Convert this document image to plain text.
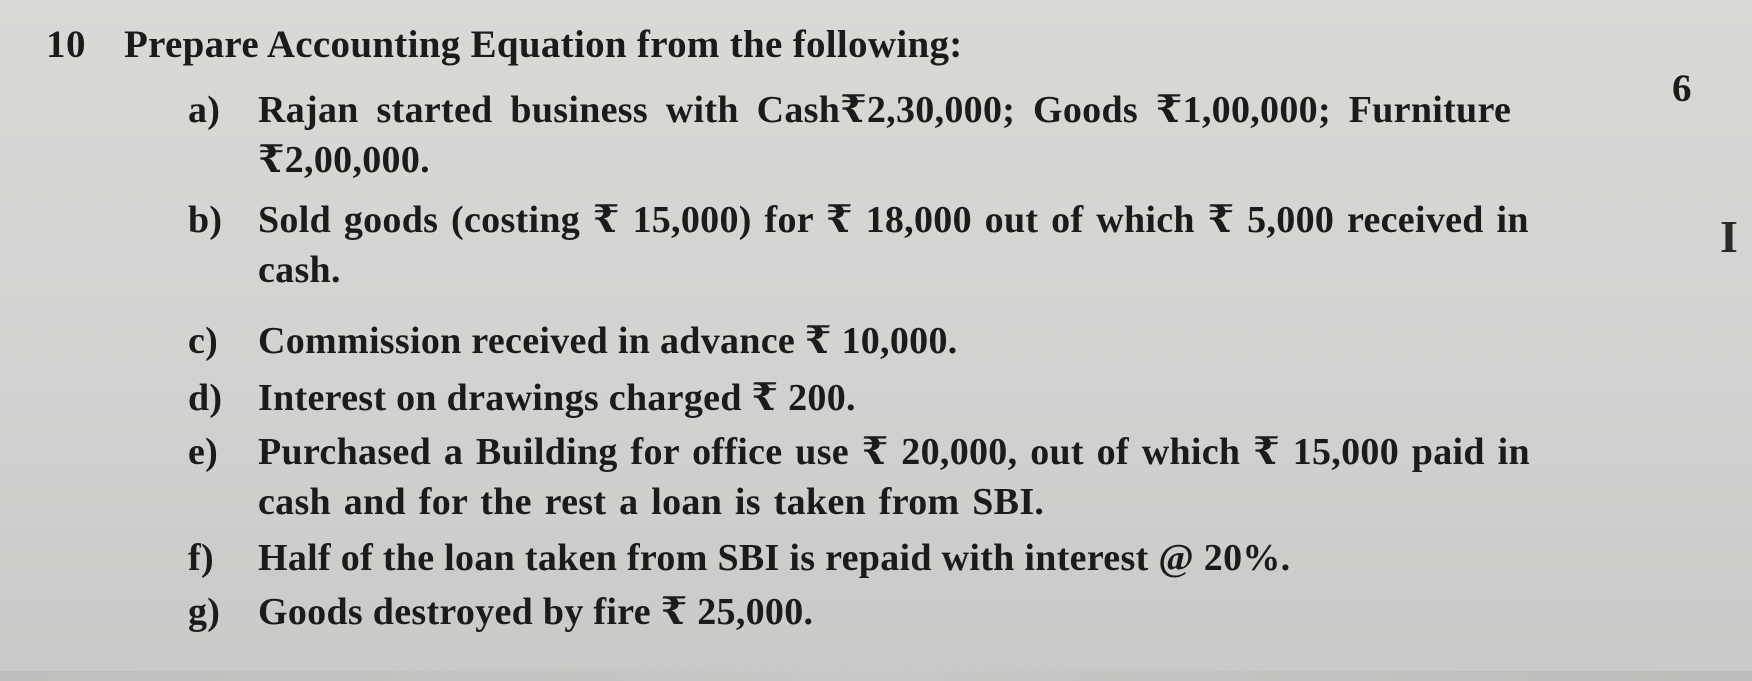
10 Prepare Accounting Equation from the following:
6
a) Rajan started business with Cash₹2,30,000; Goods ₹1,00,000; Furniture
₹2,00,000.
b) Sold goods (costing ₹ 15,000) for ₹ 18,000 out of which ₹ 5,000 received in
cash.
c)	Commission received in advance ₹ 10,000.
d) Interest on drawings charged ₹ 200.
e)	Purchased a Building for office use ₹ 20,000, out of which ₹ 15,000 paid in
cash and for the rest a loan is taken from SBI.
f)	Half of the loan taken from SBI is repaid with interest @ 20%.
g) Goods destroyed by fire ₹ 25,000.
I
